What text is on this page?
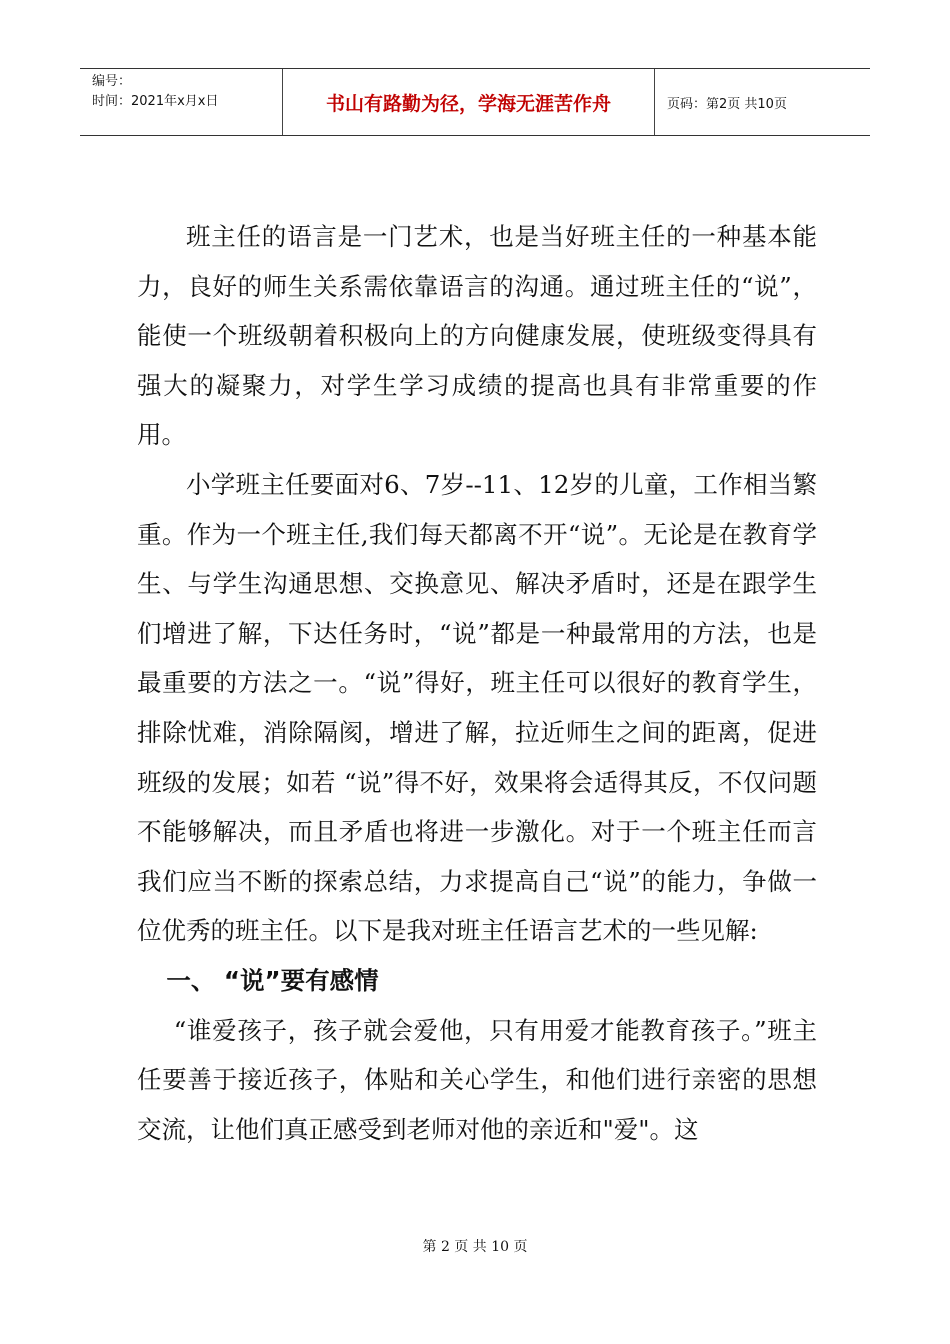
编号：
时间：2021年x月x日	书山有路勤为径，学海无涯苦作舟	页码：第2页 共10页

班主任的语言是一门艺术，也是当好班主任的一种基本能力，良好的师生关系需依靠语言的沟通。通过班主任的“说”，能使一个班级朝着积极向上的方向健康发展，使班级变得具有强大的凝聚力，对学生学习成绩的提高也具有非常重要的作用。

小学班主任要面对6、7岁--11、12岁的儿童，工作相当繁重。作为一个班主任,我们每天都离不开“说”。无论是在教育学生、与学生沟通思想、交换意见、解决矛盾时，还是在跟学生们增进了解，下达任务时，“说”都是一种最常用的方法，也是最重要的方法之一。“说”得好，班主任可以很好的教育学生，排除忧难，消除隔阂，增进了解，拉近师生之间的距离，促进班级的发展；如若 “说”得不好，效果将会适得其反，不仅问题不能够解决，而且矛盾也将进一步激化。对于一个班主任而言我们应当不断的探索总结，力求提高自己“说”的能力，争做一位优秀的班主任。以下是我对班主任语言艺术的一些见解:

一、 “说”要有感情

“谁爱孩子，孩子就会爱他，只有用爱才能教育孩子。”班主任要善于接近孩子，体贴和关心学生，和他们进行亲密的思想交流，让他们真正感受到老师对他的亲近和"爱"。这

第 2 页 共 10 页
